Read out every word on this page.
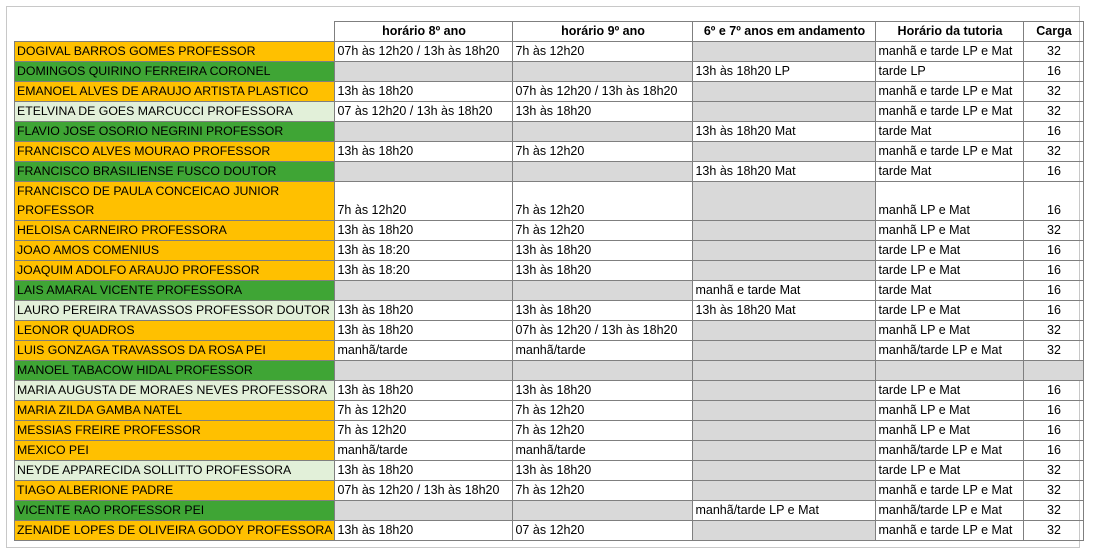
	horário 8º ano	horário 9º ano	6º e 7º anos em andamento	Horário da tutoria	Carga
DOGIVAL BARROS GOMES PROFESSOR	07h às 12h20 / 13h às 18h20	7h às 12h20		manhã e tarde LP e Mat	32
DOMINGOS QUIRINO FERREIRA CORONEL			13h às 18h20 LP	tarde LP	16
EMANOEL ALVES DE ARAUJO ARTISTA PLASTICO	13h às 18h20	07h às 12h20 / 13h às 18h20		manhã e tarde LP e Mat	32
ETELVINA DE GOES MARCUCCI PROFESSORA	07 às 12h20 / 13h às 18h20	13h às 18h20		manhã e tarde LP e Mat	32
FLAVIO JOSE OSORIO NEGRINI PROFESSOR			13h às 18h20 Mat	tarde Mat	16
FRANCISCO ALVES MOURAO PROFESSOR	13h às 18h20	7h às 12h20		manhã e tarde LP e Mat	32
FRANCISCO BRASILIENSE FUSCO DOUTOR			13h às 18h20 Mat	tarde Mat	16
FRANCISCO DE PAULA CONCEICAO JUNIOR PROFESSOR	7h às 12h20	7h às 12h20		manhã LP e Mat	16
HELOISA CARNEIRO PROFESSORA	13h às 18h20	7h às 12h20		manhã LP e Mat	32
JOAO AMOS COMENIUS	13h às 18:20	13h às 18h20		tarde LP e Mat	16
JOAQUIM ADOLFO ARAUJO PROFESSOR	13h às 18:20	13h às 18h20		tarde LP e Mat	16
LAIS AMARAL VICENTE PROFESSORA			manhã e tarde Mat	tarde Mat	16
LAURO PEREIRA TRAVASSOS PROFESSOR DOUTOR	13h às 18h20	13h às 18h20	13h às 18h20 Mat	tarde LP e Mat	16
LEONOR QUADROS	13h às 18h20	07h às 12h20 / 13h às 18h20		manhã LP e Mat	32
LUIS GONZAGA TRAVASSOS DA ROSA PEI	manhã/tarde	manhã/tarde		manhã/tarde LP e Mat	32
MANOEL TABACOW HIDAL PROFESSOR					
MARIA AUGUSTA DE MORAES NEVES PROFESSORA	13h às 18h20	13h às 18h20		tarde LP e Mat	16
MARIA ZILDA GAMBA NATEL	7h às 12h20	7h às 12h20		manhã LP e Mat	16
MESSIAS FREIRE PROFESSOR	7h às 12h20	7h às 12h20		manhã LP e Mat	16
MEXICO PEI	manhã/tarde	manhã/tarde		manhã/tarde LP e Mat	16
NEYDE APPARECIDA SOLLITTO PROFESSORA	13h às 18h20	13h às 18h20		tarde LP e Mat	32
TIAGO ALBERIONE PADRE	07h às 12h20 / 13h às 18h20	7h às 12h20		manhã e tarde LP e Mat	32
VICENTE RAO PROFESSOR PEI			manhã/tarde LP e Mat	manhã/tarde LP e Mat	32
ZENAIDE LOPES DE OLIVEIRA GODOY PROFESSORA	13h às 18h20	07 às 12h20		manhã e tarde LP e Mat	32
